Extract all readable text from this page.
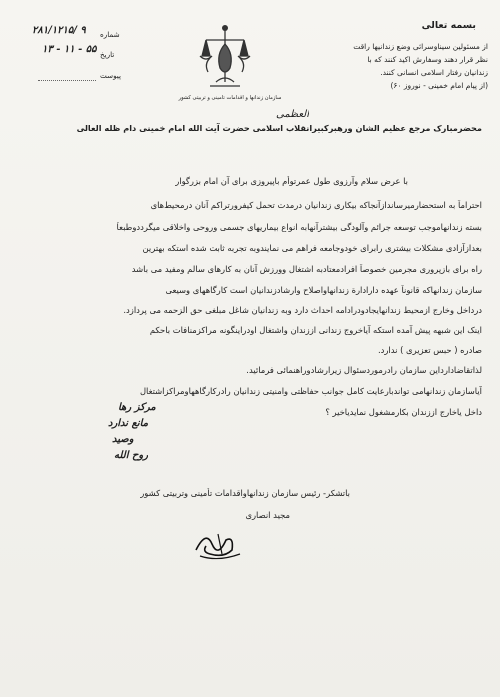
بسمه تعالی
از مسئولین سیناوسرائی وضع زندانیها راقت
نظر قرار دهند وسفارش اکید کنند که با
زندانیان رفتار اسلامی انسانی کنند.
(از پیام امام خمینی - نوروز ۶۰)
سازمان زندانها و اقدامات تامینی و تربیتی کشور
شماره
۲۸۱/۱۲۱۵/ ۹
تاریخ
۱۳ - ۱۱ - ۵۵
پیوست
العظمی
محضرمبارک مرجع عظیم الشان ورهبرکبیرانقلاب اسلامی حضرت آیت الله امام خمینی دام ظله العالی
با عرض سلام وآرزوی طول عمرتوأم باپیروزی برای آن امام بزرگوار
احتراماً به استحضارمیرساندازآنجاکه بیکاری زندانیان درمدت تحمل کیفرورتراکم آنان درمحیط‌های
بسته زندانهاموجب توسعه جرائم وآلودگی بیشترآنهابه انواع بیماریهای جسمی وروحی واخلاقی میگرددوطبعاً
بعدازآزادی مشکلات بیشتری رابرای خودوجامعه فراهم می نمایندوبه تجربه ثابت شده استکه بهترین
راه برای بازپروری مجرمین خصوصاً افرادمعتادبه اشتغال وورزش آنان به کارهای سالم ومفید می باشد
سازمان زندانهاکه قانوناً عهده دارادارة زندانهاواصلاح وارشادزندانیان است کارگاههای وسیعی
درداخل وخارج ازمحیط زندانهایجادودرادامه احداث دارد وبه زندانیان شاغل مبلغی حق الزحمه می پردازد.
اینک این شبهه پیش آمده استکه آیاخروج زندانی اززندان واشتغال اودراینگونه مراکزمنافات باحکم
صادره ( حبس تعزیری ) ندارد.
لذاتقاضادارداین سازمان رادرموردسئوال زیرارشادوراهنمائی فرمائید.
آیاسازمان زندانهامی تواندبارعایت کامل جوانب حفاظتی وامنیتی زندانیان رادرکارگاههاومراکزاشتغال
داخل یاخارج اززندان بکارمشغول نمایدیاخیر ؟
مرکز رها
مانع ندارد
وصید
روح الله
باتشکر- رئیس سازمان زندانهاواقدامات تأمینی وتربیتی کشور
مجید انصاری
